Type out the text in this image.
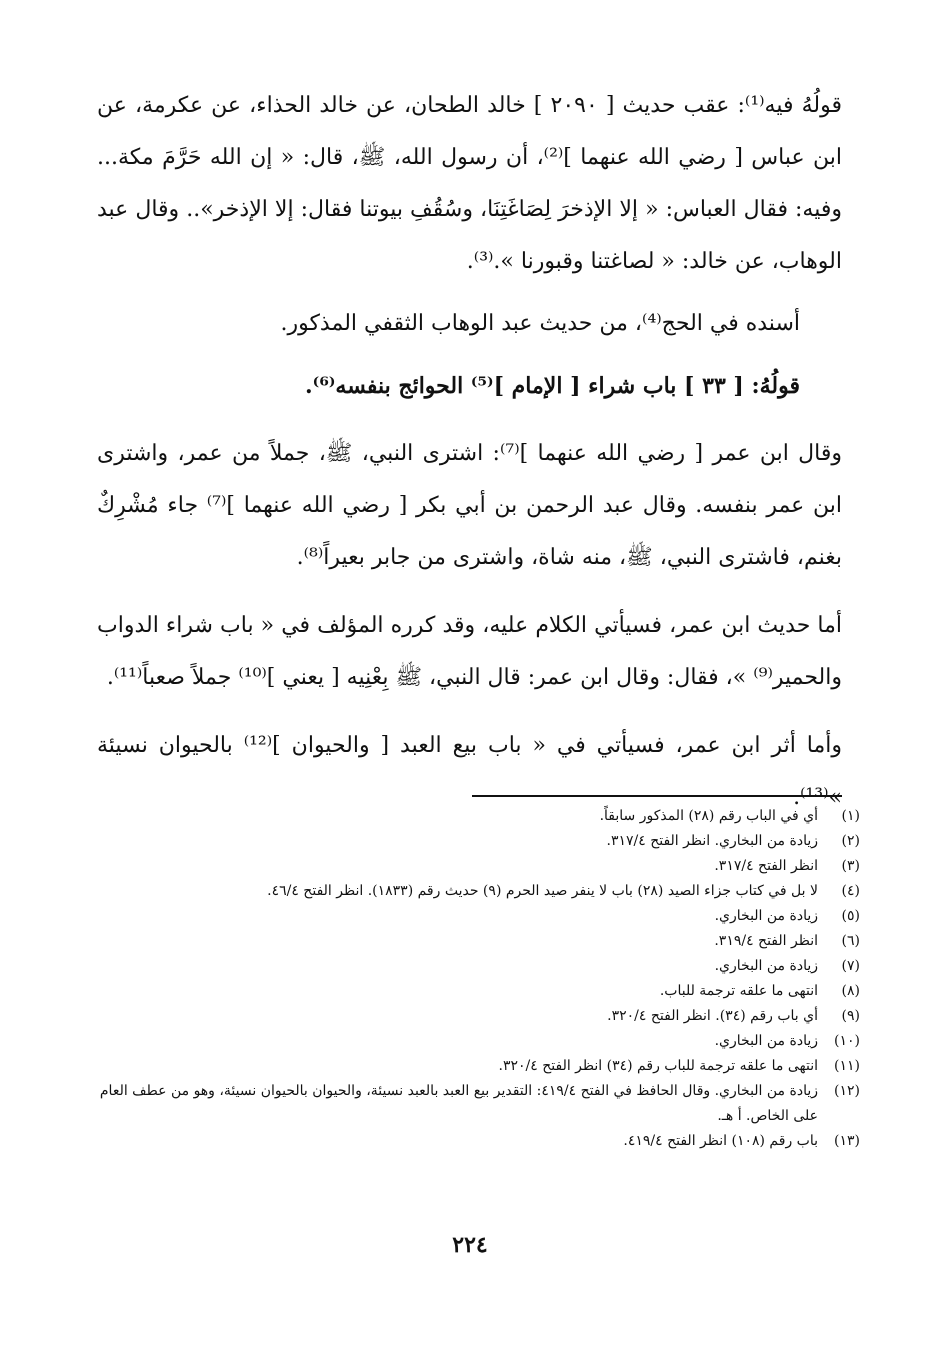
قولُهُ فيه⁽¹⁾: عقب حديث [ ٢٠٩٠ ] خالد الطحان، عن خالد الحذاء، عن عكرمة، عن ابن عباس [ رضي الله عنهما ]⁽²⁾، أن رسول الله، ﷺ، قال: « إن الله حَرَّمَ مكة... وفيه: فقال العباس: « إلا الإذخرَ لِصَاغَتِنَا، وسُقُفِ بيوتنا فقال: إلا الإذخر».. وقال عبد الوهاب، عن خالد: « لصاغتنا وقبورنا ».⁽³⁾.

أسنده في الحج⁽⁴⁾، من حديث عبد الوهاب الثقفي المذكور.

قولُهُ: [ ٣٣ ] باب شراء [ الإمام ]⁽⁵⁾ الحوائج بنفسه⁽⁶⁾.

وقال ابن عمر [ رضي الله عنهما ]⁽⁷⁾: اشترى النبي، ﷺ، جملاً من عمر، واشترى ابن عمر بنفسه. وقال عبد الرحمن بن أبي بكر [ رضي الله عنهما ]⁽⁷⁾ جاء مُشْرِكٌ بغنم، فاشترى النبي، ﷺ، منه شاة، واشترى من جابر بعيراً⁽⁸⁾.

أما حديث ابن عمر، فسيأتي الكلام عليه، وقد كرره المؤلف في « باب شراء الدواب والحمير⁽⁹⁾ »، فقال: وقال ابن عمر: قال النبي، ﷺ بِعْنِيه [ يعني ]⁽¹⁰⁾ جملاً صعباً⁽¹¹⁾.

وأما أثر ابن عمر، فسيأتي في « باب بيع العبد [ والحيوان ]⁽¹²⁾ بالحيوان نسيئة »⁽¹³⁾.

(١)
أي في الباب رقم (٢٨) المذكور سابقاً.
(٢)
زيادة من البخاري. انظر الفتح ٣١٧/٤.
(٣)
انظر الفتح ٣١٧/٤.
(٤)
لا بل في كتاب جزاء الصيد (٢٨) باب لا ينفر صيد الحرم (٩) حديث رقم (١٨٣٣). انظر الفتح ٤٦/٤.
(٥)
زيادة من البخاري.
(٦)
انظر الفتح ٣١٩/٤.
(٧)
زيادة من البخاري.
(٨)
انتهى ما علقه ترجمة للباب.
(٩)
أي باب رقم (٣٤). انظر الفتح ٣٢٠/٤.
(١٠)
زيادة من البخاري.
(١١)
انتهى ما علقه ترجمة للباب رقم (٣٤) انظر الفتح ٣٢٠/٤.
(١٢)
زيادة من البخاري. وقال الحافظ في الفتح ٤١٩/٤: التقدير بيع العبد بالعبد نسيئة، والحيوان بالحيوان نسيئة، وهو من عطف العام على الخاص. أ هـ.
(١٣)
باب رقم (١٠٨) انظر الفتح ٤١٩/٤.
٢٢٤
